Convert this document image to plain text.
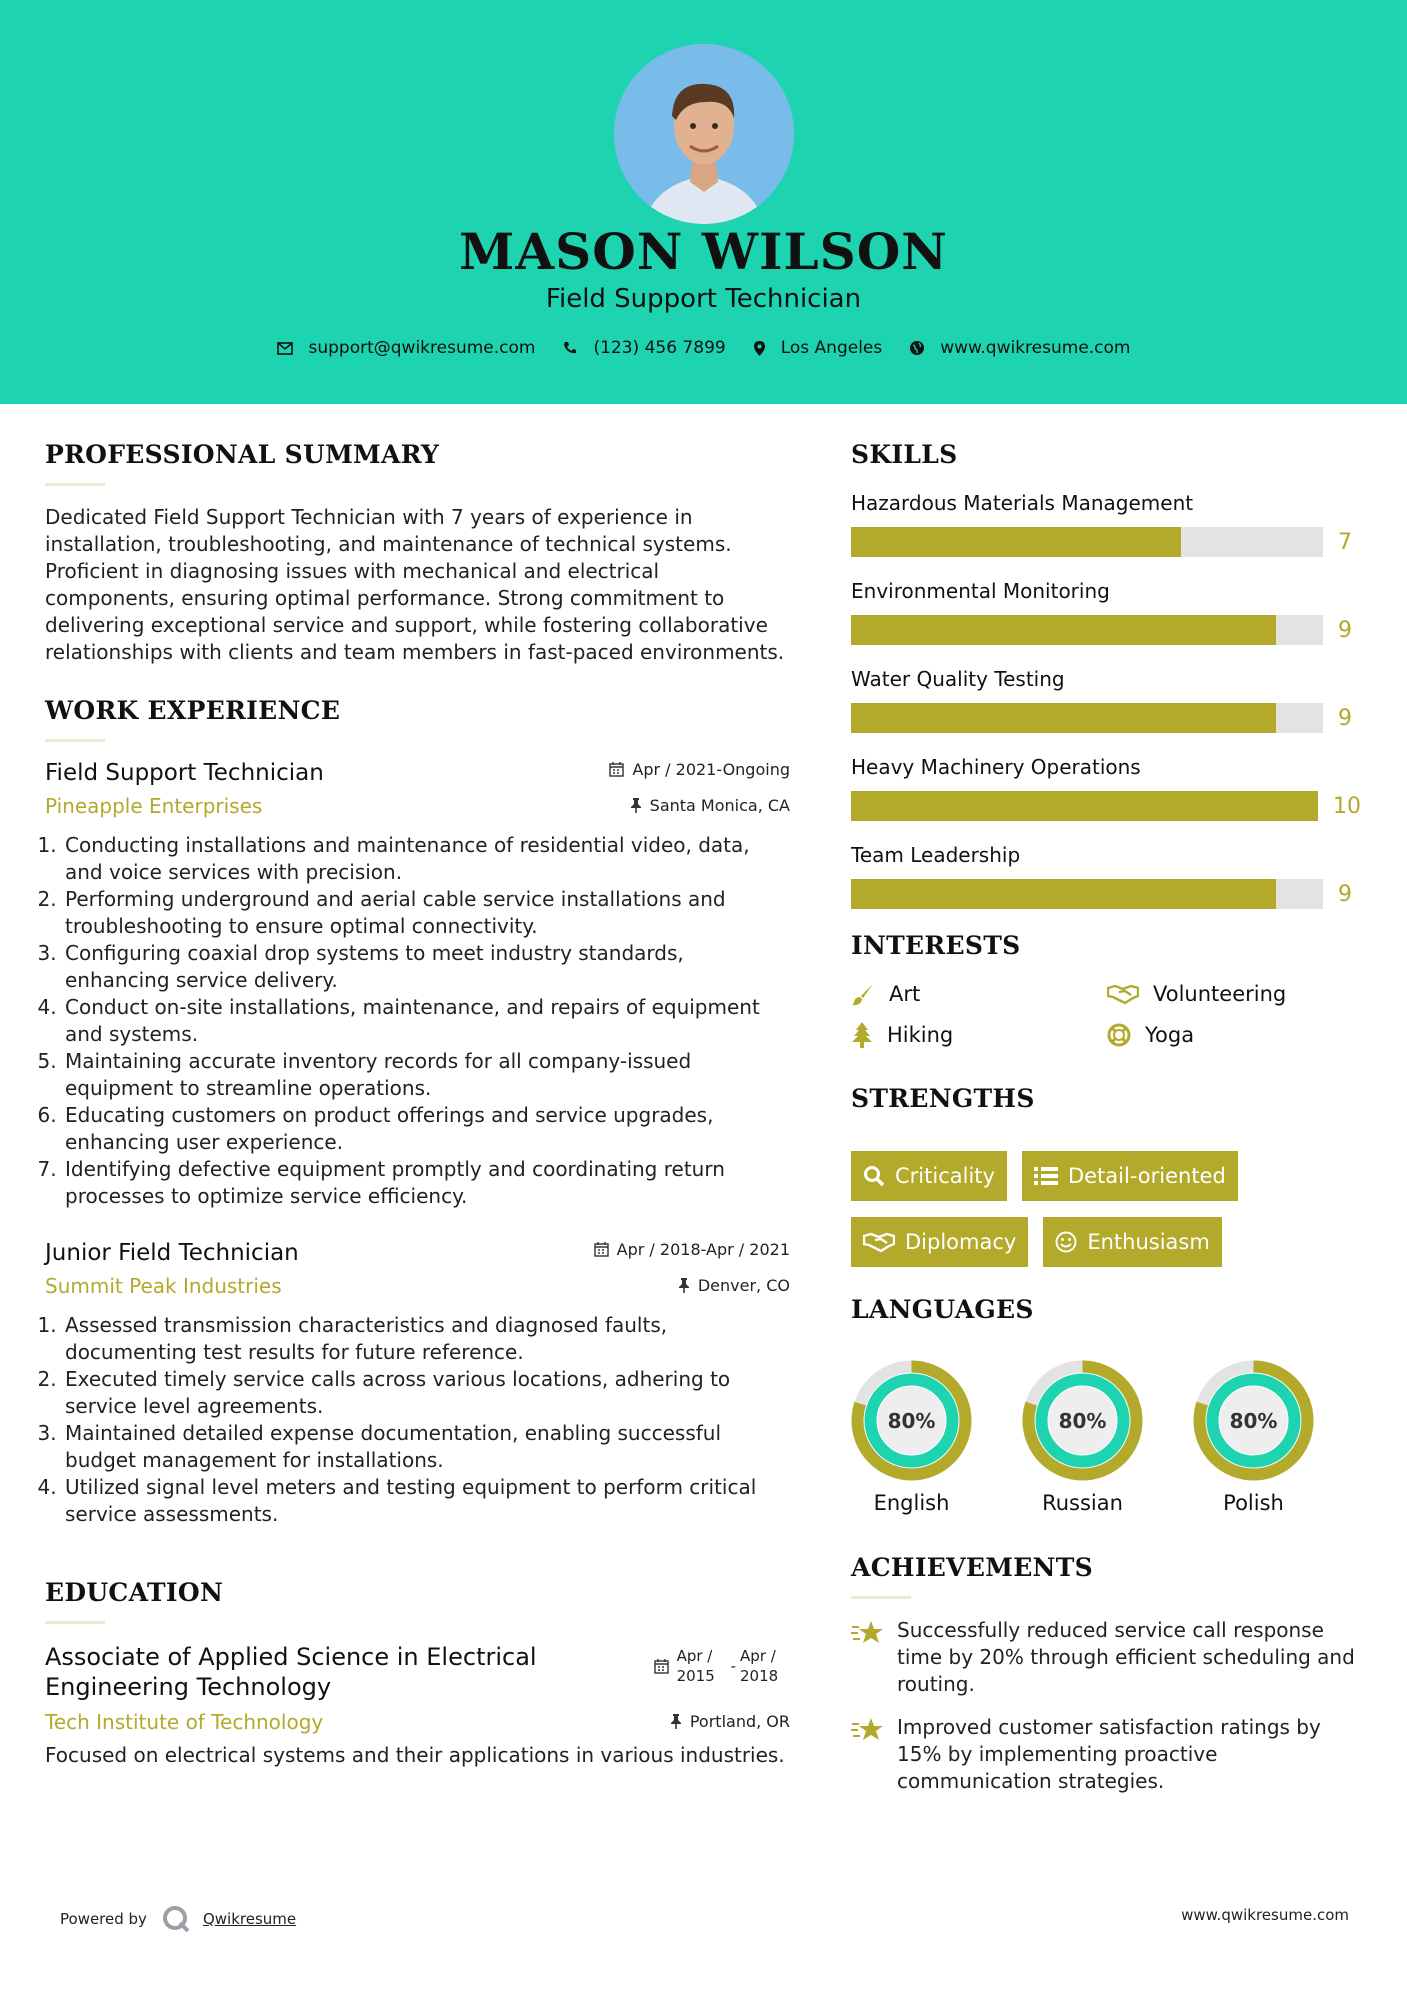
MASON WILSON
Field Support Technician
support@qwikresume.com	(123) 456 7899	Los Angeles	www.qwikresume.com
PROFESSIONAL SUMMARY
Dedicated Field Support Technician with 7 years of experience in installation, troubleshooting, and maintenance of technical systems. Proficient in diagnosing issues with mechanical and electrical components, ensuring optimal performance. Strong commitment to delivering exceptional service and support, while fostering collaborative relationships with clients and team members in fast-paced environments.
WORK EXPERIENCE
Field Support Technician	Apr / 2021-Ongoing
Pineapple Enterprises	Santa Monica, CA
1. Conducting installations and maintenance of residential video, data, and voice services with precision.
2. Performing underground and aerial cable service installations and troubleshooting to ensure optimal connectivity.
3. Configuring coaxial drop systems to meet industry standards, enhancing service delivery.
4. Conduct on-site installations, maintenance, and repairs of equipment and systems.
5. Maintaining accurate inventory records for all company-issued equipment to streamline operations.
6. Educating customers on product offerings and service upgrades, enhancing user experience.
7. Identifying defective equipment promptly and coordinating return processes to optimize service efficiency.
Junior Field Technician	Apr / 2018-Apr / 2021
Summit Peak Industries	Denver, CO
1. Assessed transmission characteristics and diagnosed faults, documenting test results for future reference.
2. Executed timely service calls across various locations, adhering to service level agreements.
3. Maintained detailed expense documentation, enabling successful budget management for installations.
4. Utilized signal level meters and testing equipment to perform critical service assessments.
EDUCATION
Associate of Applied Science in Electrical Engineering Technology
Apr / 2015
-
Apr / 2018
Tech Institute of Technology	Portland, OR
Focused on electrical systems and their applications in various industries.
SKILLS
Hazardous Materials Management
7
Environmental Monitoring
9
Water Quality Testing
9
Heavy Machinery Operations
10
Team Leadership
9
INTERESTS
Art	Volunteering
Hiking	Yoga
STRENGTHS
Criticality	Detail-oriented
Diplomacy	Enthusiasm
LANGUAGES
80%
English
80%
Russian
80%
Polish
ACHIEVEMENTS
Successfully reduced service call response time by 20% through efficient scheduling and routing.
Improved customer satisfaction ratings by 15% by implementing proactive communication strategies.
Powered by	Qwikresume	www.qwikresume.com
